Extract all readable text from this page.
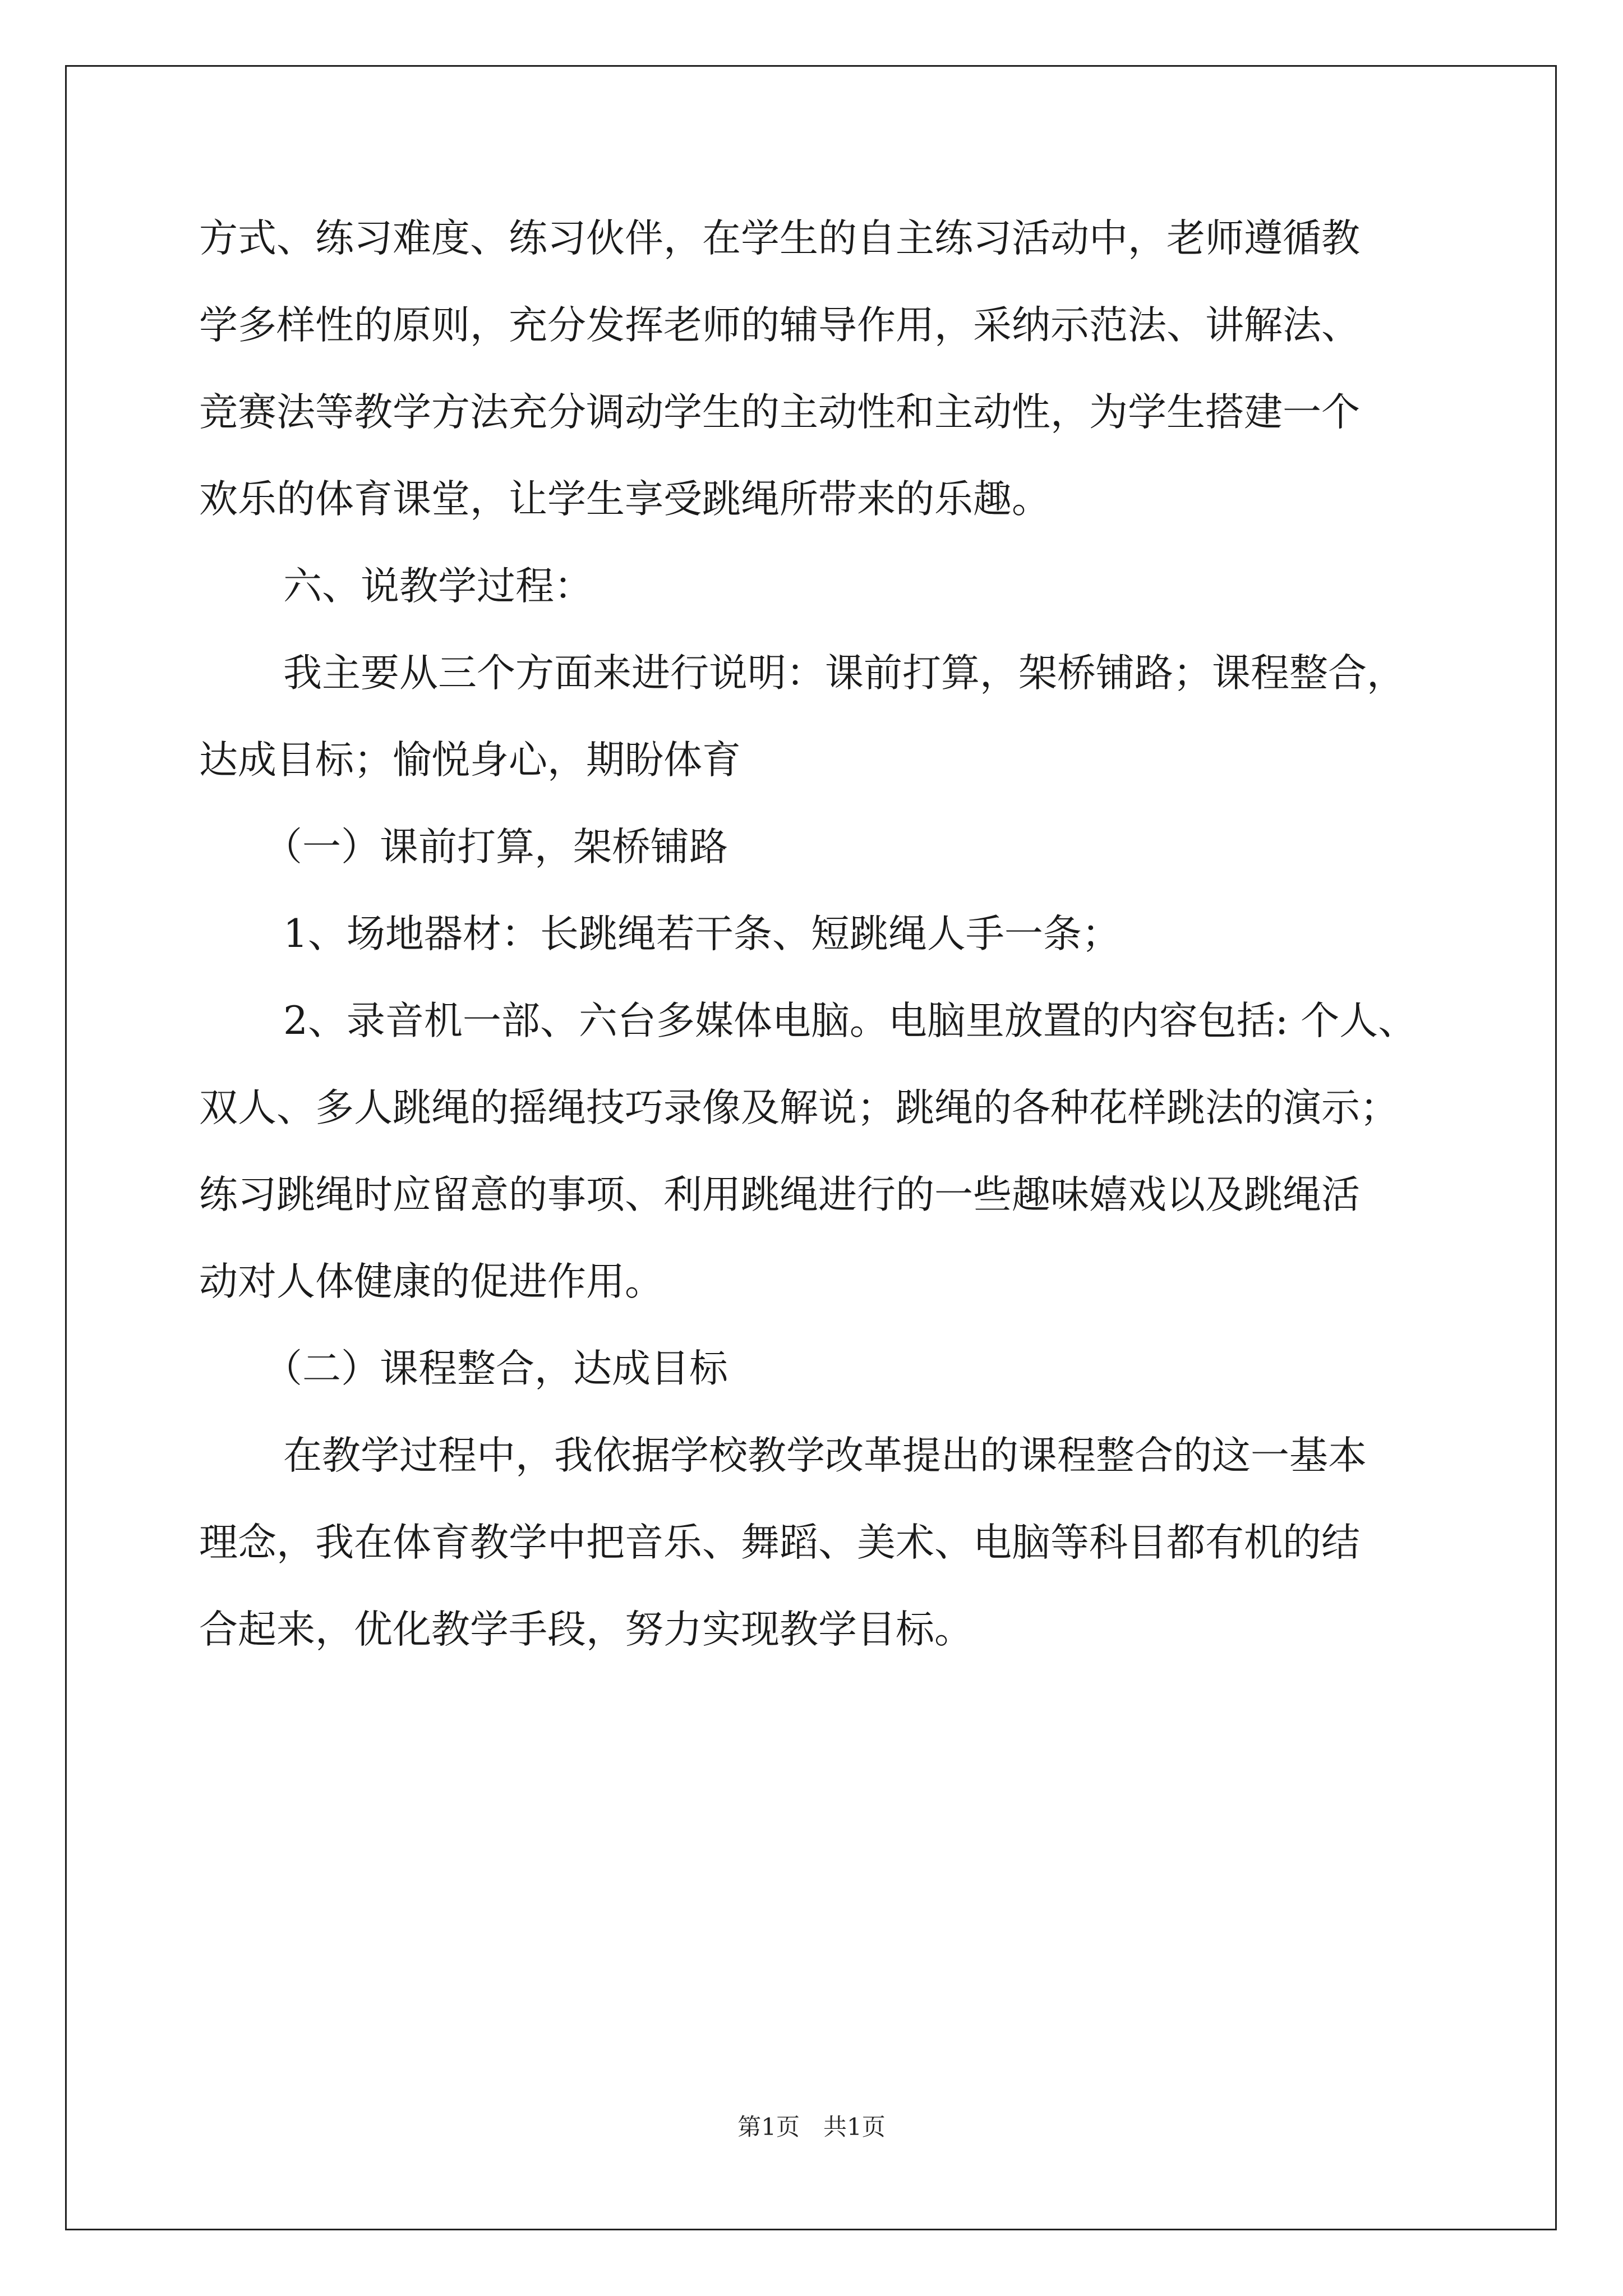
方式、练习难度、练习伙伴，在学生的自主练习活动中，老师遵循教
学多样性的原则，充分发挥老师的辅导作用，采纳示范法、讲解法、
竞赛法等教学方法充分调动学生的主动性和主动性，为学生搭建一个
欢乐的体育课堂，让学生享受跳绳所带来的乐趣。
六、说教学过程：
我主要从三个方面来进行说明：课前打算，架桥铺路；课程整合，
达成目标；愉悦身心，期盼体育
（一）课前打算，架桥铺路
1、场地器材：长跳绳若干条、短跳绳人手一条；
2、录音机一部、六台多媒体电脑。电脑里放置的内容包括: 个人、
双人、多人跳绳的摇绳技巧录像及解说；跳绳的各种花样跳法的演示；
练习跳绳时应留意的事项、利用跳绳进行的一些趣味嬉戏以及跳绳活
动对人体健康的促进作用。
（二）课程整合，达成目标
在教学过程中，我依据学校教学改革提出的课程整合的这一基本
理念，我在体育教学中把音乐、舞蹈、美术、电脑等科目都有机的结
合起来，优化教学手段，努力实现教学目标。
第1页　共1页
